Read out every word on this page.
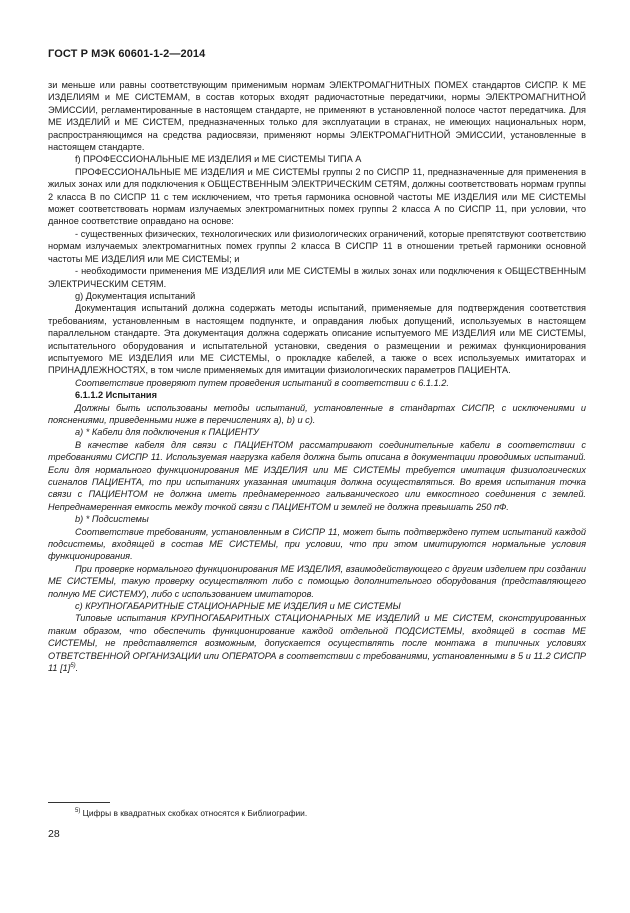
ГОСТ Р МЭК 60601-1-2—2014

зи меньше или равны соответствующим применимым нормам ЭЛЕКТРОМАГНИТНЫХ ПОМЕХ стандартов СИСПР. К МЕ ИЗДЕЛИЯМ и МЕ СИСТЕМАМ, в состав которых входят радиочастотные передатчики, нормы ЭЛЕКТРОМАГНИТНОЙ ЭМИССИИ, регламентированные в настоящем стандарте, не применяют в установленной полосе частот передатчика. Для МЕ ИЗДЕЛИЙ и МЕ СИСТЕМ, предназначенных только для эксплуатации в странах, не имеющих национальных норм, распространяющимся на средства радиосвязи, применяют нормы ЭЛЕКТРОМАГНИТНОЙ ЭМИССИИ, установленные в настоящем стандарте.

f) ПРОФЕССИОНАЛЬНЫЕ МЕ ИЗДЕЛИЯ и МЕ СИСТЕМЫ ТИПА А

ПРОФЕССИОНАЛЬНЫЕ МЕ ИЗДЕЛИЯ и МЕ СИСТЕМЫ группы 2 по СИСПР 11, предназначенные для применения в жилых зонах или для подключения к ОБЩЕСТВЕННЫМ ЭЛЕКТРИЧЕСКИМ СЕТЯМ, должны соответствовать нормам группы 2 класса В по СИСПР 11 с тем исключением, что третья гармоника основной частоты МЕ ИЗДЕЛИЯ или МЕ СИСТЕМЫ может соответствовать нормам излучаемых электромагнитных помех группы 2 класса А по СИСПР 11, при условии, что данное соответствие оправдано на основе:

- существенных физических, технологических или физиологических ограничений, которые препятствуют соответствию нормам излучаемых электромагнитных помех группы 2 класса В СИСПР 11 в отношении третьей гармоники основной частоты МЕ ИЗДЕЛИЯ или МЕ СИСТЕМЫ; и

- необходимости применения МЕ ИЗДЕЛИЯ или МЕ СИСТЕМЫ в жилых зонах или подключения к ОБЩЕСТВЕННЫМ ЭЛЕКТРИЧЕСКИМ СЕТЯМ.

g) Документация испытаний

Документация испытаний должна содержать методы испытаний, применяемые для подтверждения соответствия требованиям, установленным в настоящем подпункте, и оправдания любых допущений, используемых в настоящем параллельном стандарте. Эта документация должна содержать описание испытуемого МЕ ИЗДЕЛИЯ или МЕ СИСТЕМЫ, испытательного оборудования и испытательной установки, сведения о размещении и режимах функционирования испытуемого МЕ ИЗДЕЛИЯ или МЕ СИСТЕМЫ, о прокладке кабелей, а также о всех используемых имитаторах и ПРИНАДЛЕЖНОСТЯХ, в том числе применяемых для имитации физиологических параметров ПАЦИЕНТА.

Соответствие проверяют путем проведения испытаний в соответствии с 6.1.1.2.

6.1.1.2 Испытания

Должны быть использованы методы испытаний, установленные в стандартах СИСПР, с исключениями и пояснениями, приведенными ниже в перечислениях а), b) и с).

a) * Кабели для подключения к ПАЦИЕНТУ

В качестве кабеля для связи с ПАЦИЕНТОМ рассматривают соединительные кабели в соответствии с требованиями СИСПР 11. Используемая нагрузка кабеля должна быть описана в документации проводимых испытаний. Если для нормального функционирования МЕ ИЗДЕЛИЯ или МЕ СИСТЕМЫ требуется имитация физиологических сигналов ПАЦИЕНТА, то при испытаниях указанная имитация должна осуществляться. Во время испытания точка связи с ПАЦИЕНТОМ не должна иметь преднамеренного гальванического или емкостного соединения с землей. Непреднамеренная емкость между точкой связи с ПАЦИЕНТОМ и землей не должна превышать 250 пФ.

b) * Подсистемы

Соответствие требованиям, установленным в СИСПР 11, может быть подтверждено путем испытаний каждой подсистемы, входящей в состав МЕ СИСТЕМЫ, при условии, что при этом имитируются нормальные условия функционирования.

При проверке нормального функционирования МЕ ИЗДЕЛИЯ, взаимодействующего с другим изделием при создании МЕ СИСТЕМЫ, такую проверку осуществляют либо с помощью дополнительного оборудования (представляющего полную МЕ СИСТЕМУ), либо с использованием имитаторов.

c) КРУПНОГАБАРИТНЫЕ СТАЦИОНАРНЫЕ МЕ ИЗДЕЛИЯ и МЕ СИСТЕМЫ

Типовые испытания КРУПНОГАБАРИТНЫХ СТАЦИОНАРНЫХ МЕ ИЗДЕЛИЙ и МЕ СИСТЕМ, сконструированных таким образом, что обеспечить функционирование каждой отдельной ПОДСИСТЕМЫ, входящей в состав МЕ СИСТЕМЫ, не представляется возможным, допускается осуществлять после монтажа в типичных условиях ОТВЕТСТВЕННОЙ ОРГАНИЗАЦИИ или ОПЕРАТОРА в соответствии с требованиями, установленными в 5 и 11.2 СИСПР 11 $[1]^{5)}$.

$^{5)}$ Цифры в квадратных скобках относятся к Библиографии.
28
